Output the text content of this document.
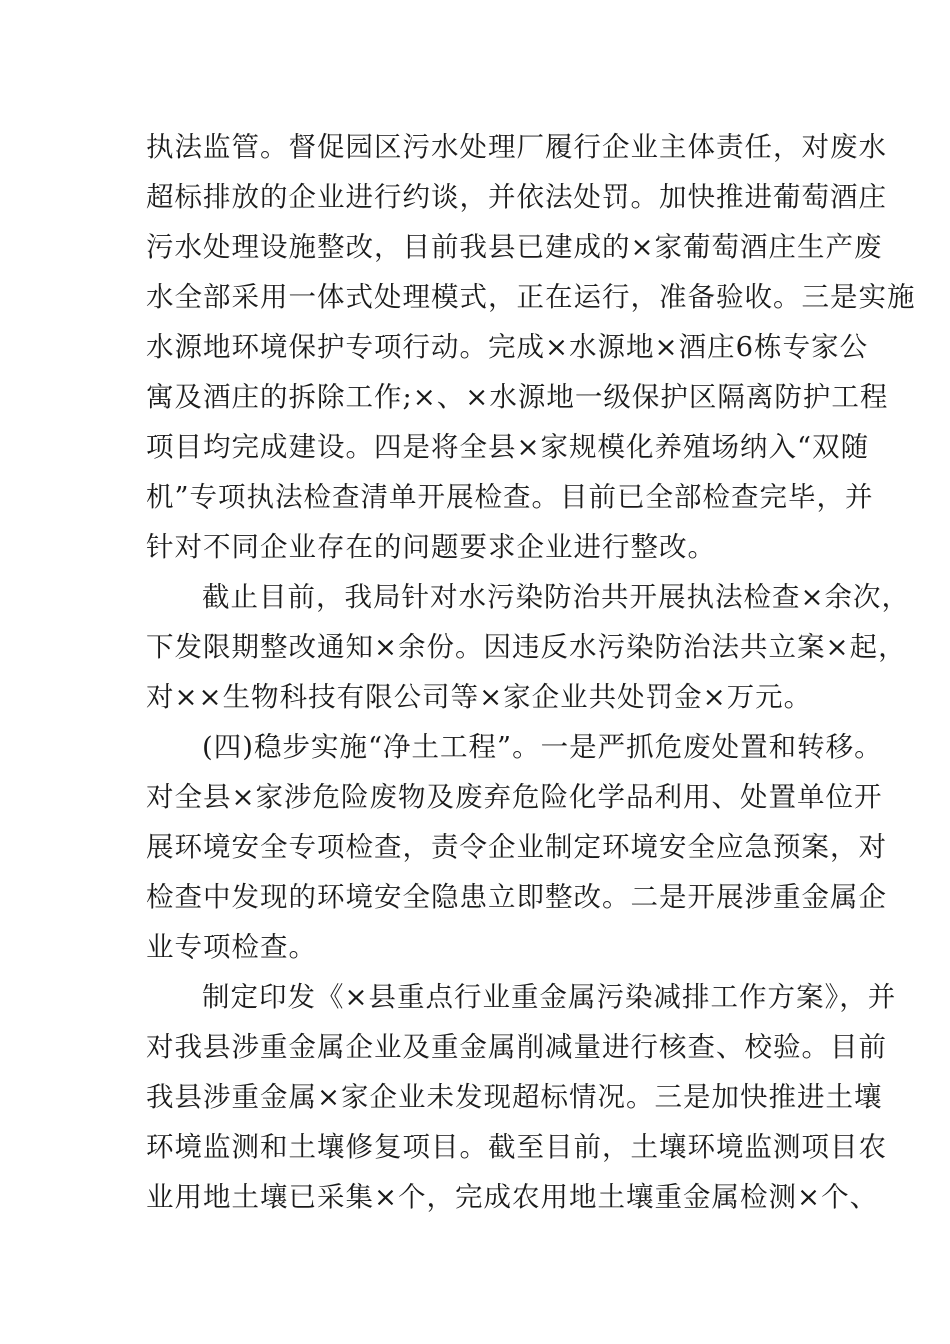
执法监管。督促园区污水处理厂履行企业主体责任，对废水
超标排放的企业进行约谈，并依法处罚。加快推进葡萄酒庄
污水处理设施整改，目前我县已建成的×家葡萄酒庄生产废
水全部采用一体式处理模式，正在运行，准备验收。三是实施
水源地环境保护专项行动。完成×水源地×酒庄6栋专家公
寓及酒庄的拆除工作;×、×水源地一级保护区隔离防护工程
项目均完成建设。四是将全县×家规模化养殖场纳入“双随
机”专项执法检查清单开展检查。目前已全部检查完毕，并
针对不同企业存在的问题要求企业进行整改。
截止目前，我局针对水污染防治共开展执法检查×余次，
下发限期整改通知×余份。因违反水污染防治法共立案×起，
对××生物科技有限公司等×家企业共处罚金×万元。
(四)稳步实施“净土工程”。一是严抓危废处置和转移。
对全县×家涉危险废物及废弃危险化学品利用、处置单位开
展环境安全专项检查，责令企业制定环境安全应急预案，对
检查中发现的环境安全隐患立即整改。二是开展涉重金属企
业专项检查。
制定印发《×县重点行业重金属污染减排工作方案》，并
对我县涉重金属企业及重金属削减量进行核查、校验。目前
我县涉重金属×家企业未发现超标情况。三是加快推进土壤
环境监测和土壤修复项目。截至目前，土壤环境监测项目农
业用地土壤已采集×个，完成农用地土壤重金属检测×个、
